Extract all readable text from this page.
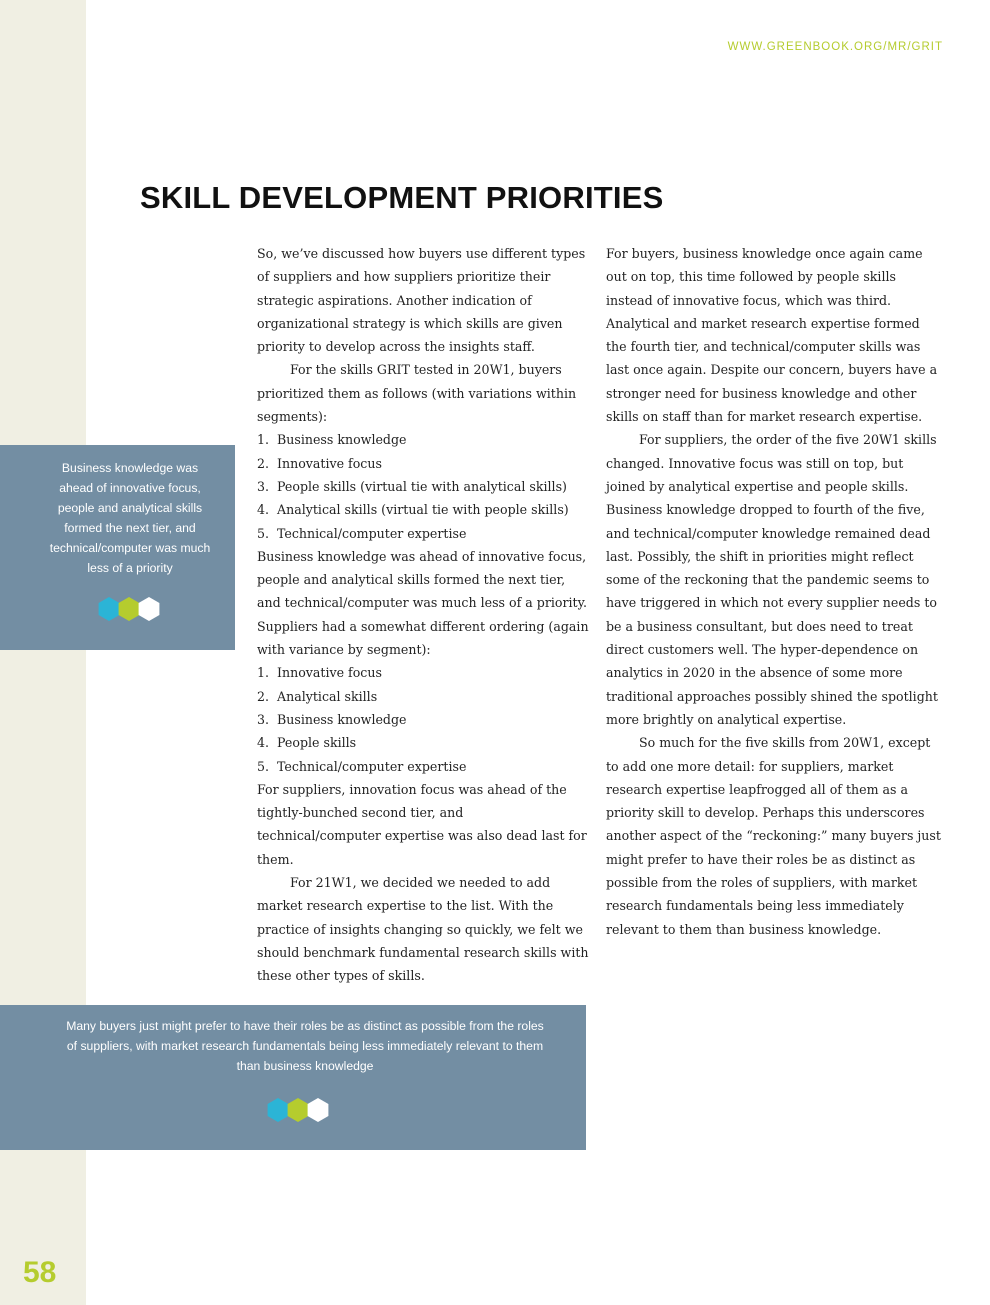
WWW.GREENBOOK.ORG/MR/GRIT
SKILL DEVELOPMENT PRIORITIES

So, we’ve discussed how buyers use different types of suppliers and how suppliers prioritize their strategic aspirations. Another indication of organizational strategy is which skills are given priority to develop across the insights staff.

For the skills GRIT tested in 20W1, buyers prioritized them as follows (with variations within segments):

1. Business knowledge
2. Innovative focus
3. People skills (virtual tie with analytical skills)
4. Analytical skills (virtual tie with people skills)
5. Technical/computer expertise

Business knowledge was ahead of innovative focus, people and analytical skills formed the next tier, and technical/computer was much less of a priority. Suppliers had a somewhat different ordering (again with variance by segment):

1. Innovative focus
2. Analytical skills
3. Business knowledge
4. People skills
5. Technical/computer expertise

For suppliers, innovation focus was ahead of the tightly-bunched second tier, and technical/computer expertise was also dead last for them.

For 21W1, we decided we needed to add market research expertise to the list. With the practice of insights changing so quickly, we felt we should benchmark fundamental research skills with these other types of skills.

For buyers, business knowledge once again came out on top, this time followed by people skills instead of innovative focus, which was third. Analytical and market research expertise formed the fourth tier, and technical/computer skills was last once again. Despite our concern, buyers have a stronger need for business knowledge and other skills on staff than for market research expertise.

For suppliers, the order of the five 20W1 skills changed. Innovative focus was still on top, but joined by analytical expertise and people skills. Business knowledge dropped to fourth of the five, and technical/computer knowledge remained dead last. Possibly, the shift in priorities might reflect some of the reckoning that the pandemic seems to have triggered in which not every supplier needs to be a business consultant, but does need to treat direct customers well. The hyper-dependence on analytics in 2020 in the absence of some more traditional approaches possibly shined the spotlight more brightly on analytical expertise.

So much for the five skills from 20W1, except to add one more detail: for suppliers, market research expertise leapfrogged all of them as a priority skill to develop. Perhaps this underscores another aspect of the “reckoning:” many buyers just might prefer to have their roles be as distinct as possible from the roles of suppliers, with market research fundamentals being less immediately relevant to them than business knowledge.

Business knowledge was ahead of innovative focus, people and analytical skills formed the next tier, and technical/computer was much less of a priority
Many buyers just might prefer to have their roles be as distinct as possible from the roles of suppliers, with market research fundamentals being less immediately relevant to them than business knowledge
58
